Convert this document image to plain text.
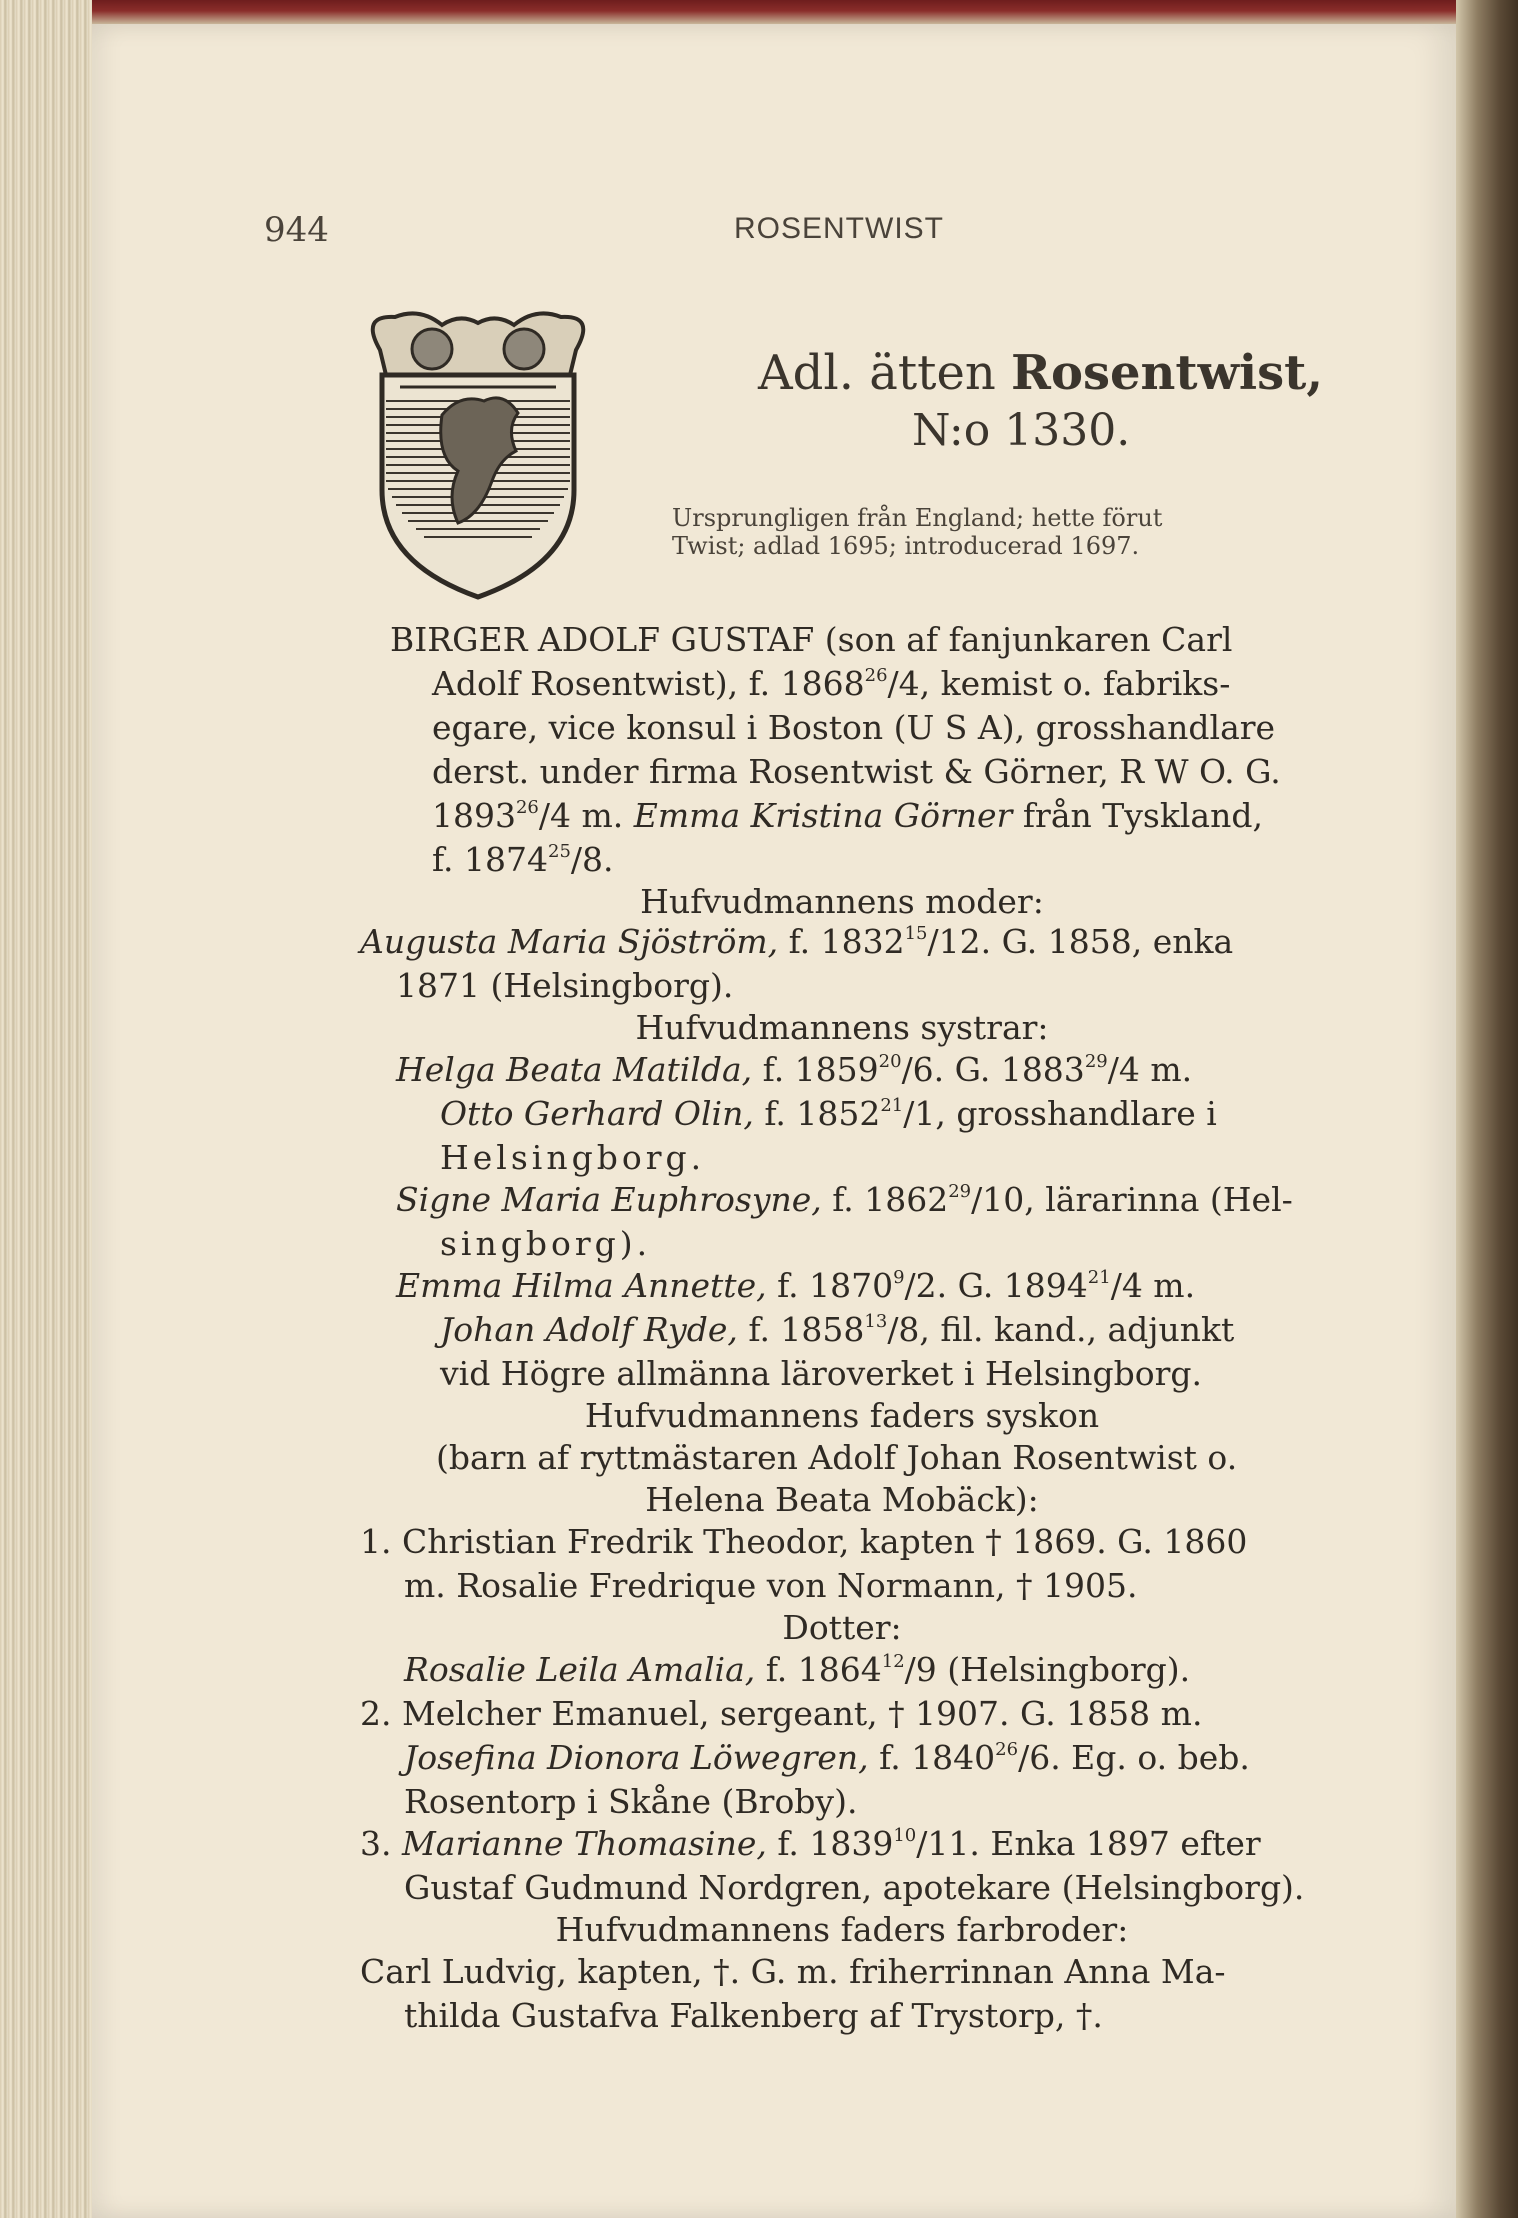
944	ROSENTWIST
Adl. ätten Rosentwist,
N:o 1330.
Ursprungligen från England; hette förut
Twist; adlad 1695; introducerad 1697.
BIRGER ADOLF GUSTAF (son af fanjunkaren Carl
Adolf Rosentwist), f. 1868$^{26}$/4, kemist o. fabriks-
egare, vice konsul i Boston (U S A), grosshandlare
derst. under firma Rosentwist & Görner, R W O. G.
1893$^{26}$/4 m. Emma Kristina Görner från Tyskland,
f. 1874$^{25}$/8.
Hufvudmannens moder:
Augusta Maria Sjöström, f. 1832$^{15}$/12. G. 1858, enka
1871 (Helsingborg).
Hufvudmannens systrar:
Helga Beata Matilda, f. 1859$^{20}$/6. G. 1883$^{29}$/4 m.
Otto Gerhard Olin, f. 1852$^{21}$/1, grosshandlare i
Helsingborg.
Signe Maria Euphrosyne, f. 1862$^{29}$/10, lärarinna (Hel-
singborg).
Emma Hilma Annette, f. 1870$^9$/2. G. 1894$^{21}$/4 m.
Johan Adolf Ryde, f. 1858$^{13}$/8, fil. kand., adjunkt
vid Högre allmänna läroverket i Helsingborg.
Hufvudmannens faders syskon
(barn af ryttmästaren Adolf Johan Rosentwist o.
Helena Beata Mobäck):
1. Christian Fredrik Theodor, kapten † 1869. G. 1860
m. Rosalie Fredrique von Normann, † 1905.
Dotter:
Rosalie Leila Amalia, f. 1864$^{12}$/9 (Helsingborg).
2. Melcher Emanuel, sergeant, † 1907. G. 1858 m.
Josefina Dionora Löwegren, f. 1840$^{26}$/6. Eg. o. beb.
Rosentorp i Skåne (Broby).
3. Marianne Thomasine, f. 1839$^{10}$/11. Enka 1897 efter
Gustaf Gudmund Nordgren, apotekare (Helsingborg).
Hufvudmannens faders farbroder:
Carl Ludvig, kapten, †. G. m. friherrinnan Anna Ma-
thilda Gustafva Falkenberg af Trystorp, †.
